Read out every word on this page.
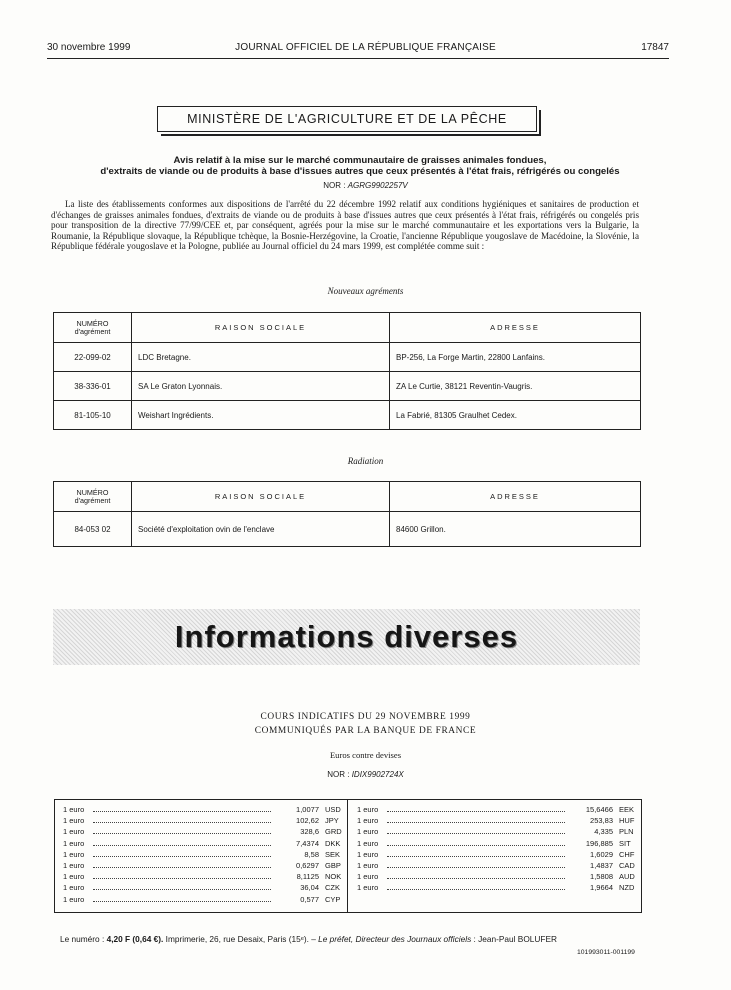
30 novembre 1999	JOURNAL OFFICIEL DE LA RÉPUBLIQUE FRANÇAISE	17847
MINISTÈRE DE L'AGRICULTURE ET DE LA PÊCHE
Avis relatif à la mise sur le marché communautaire de graisses animales fondues,
d'extraits de viande ou de produits à base d'issues autres que ceux présentés à l'état frais, réfrigérés ou congelés
NOR : AGRG9902257V
La liste des établissements conformes aux dispositions de l'arrêté du 22 décembre 1992 relatif aux conditions hygiéniques et sanitaires de production et d'échanges de graisses animales fondues, d'extraits de viande ou de produits à base d'issues autres que ceux présentés à l'état frais, réfrigérés ou congelés pris pour transposition de la directive 77/99/CEE et, par conséquent, agréés pour la mise sur le marché communautaire et les exportations vers la Bulgarie, la Roumanie, la République slovaque, la République tchèque, la Bosnie-Herzégovine, la Croatie, l'ancienne République yougoslave de Macédoine, la Slovénie, la République fédérale yougoslave et la Pologne, publiée au Journal officiel du 24 mars 1999, est complétée comme suit :
Nouveaux agréments
NUMÉRO
d'agrément	RAISON SOCIALE	ADRESSE
22-099-02	LDC Bretagne.	BP-256, La Forge Martin, 22800 Lanfains.
38-336-01	SA Le Graton Lyonnais.	ZA Le Curtie, 38121 Reventin-Vaugris.
81-105-10	Weishart Ingrédients.	La Fabrié, 81305 Graulhet Cedex.
Radiation
NUMÉRO
d'agrément	RAISON SOCIALE	ADRESSE
84-053 02	Société d'exploitation ovin de l'enclave	84600 Grillon.
Informations diverses
COURS INDICATIFS DU 29 NOVEMBRE 1999
COMMUNIQUÉS PAR LA BANQUE DE FRANCE
Euros contre devises
NOR : IDIX9902724X
1 euro	1,0077 USD
1 euro	102,62 JPY
1 euro	328,6 GRD
1 euro	7,4374 DKK
1 euro	8,58 SEK
1 euro	0,6297 GBP
1 euro	8,1125 NOK
1 euro	36,04 CZK
1 euro	0,577 CYP
1 euro	15,6466 EEK
1 euro	253,83 HUF
1 euro	4,335 PLN
1 euro	196,885 SIT
1 euro	1,6029 CHF
1 euro	1,4837 CAD
1 euro	1,5808 AUD
1 euro	1,9664 NZD
Le numéro : 4,20 F (0,64 €). Imprimerie, 26, rue Desaix, Paris (15ᵉ). – Le préfet, Directeur des Journaux officiels : Jean-Paul BOLUFER
101993011-001199
